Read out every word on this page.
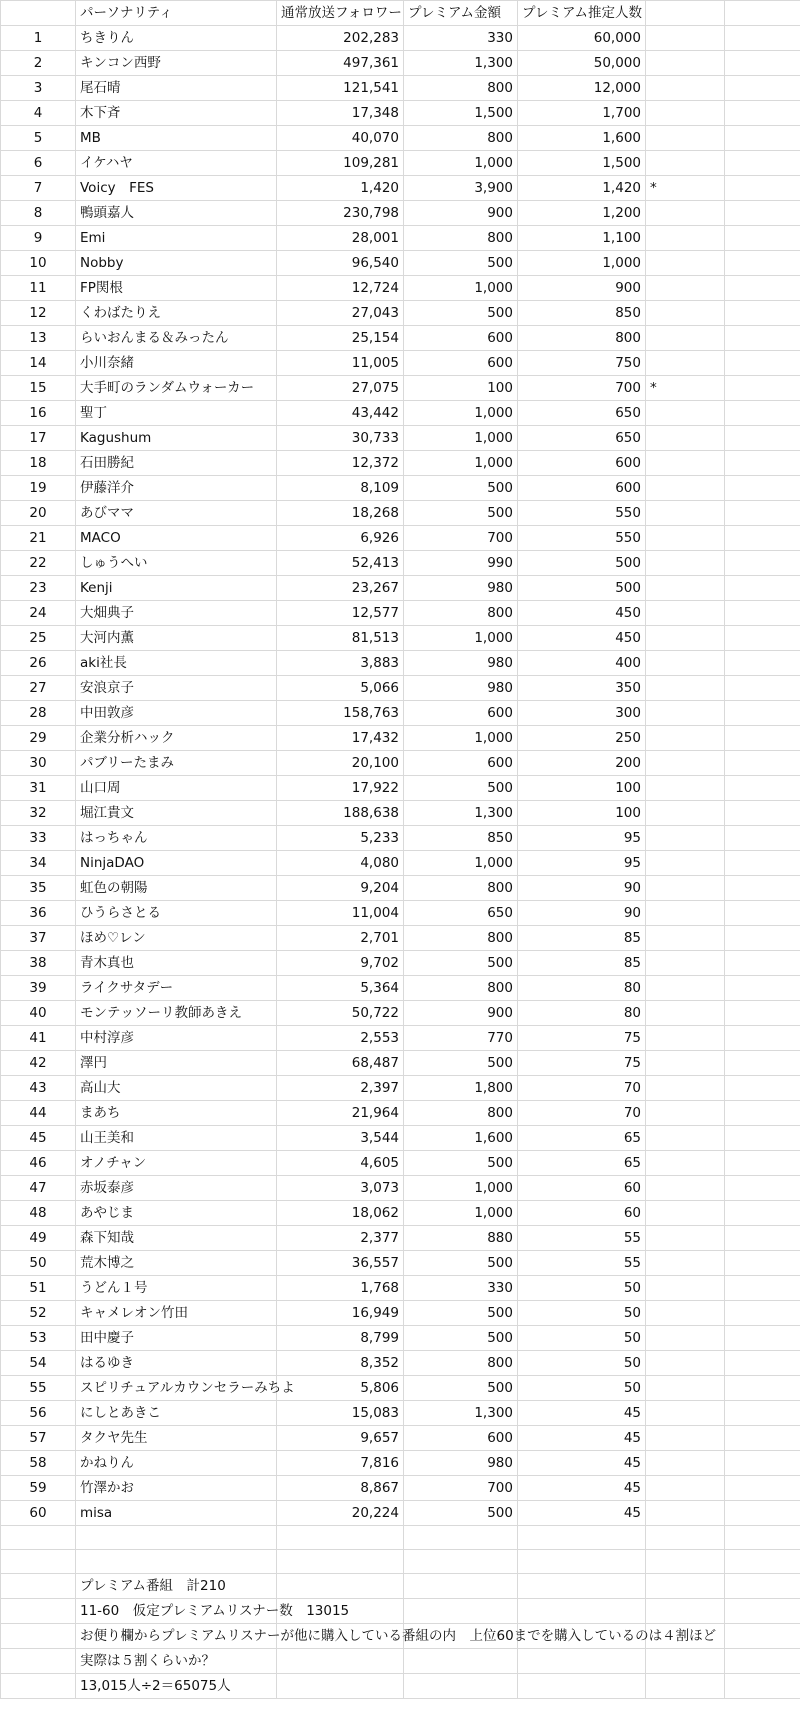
	パーソナリティ	通常放送フォロワー	プレミアム金額	プレミアム推定人数		
1	ちきりん	202,283	330	60,000		
2	キンコン西野	497,361	1,300	50,000		
3	尾石晴	121,541	800	12,000		
4	木下斉	17,348	1,500	1,700		
5	MB	40,070	800	1,600		
6	イケハヤ	109,281	1,000	1,500		
7	Voicy　FES	1,420	3,900	1,420	*	
8	鴨頭嘉人	230,798	900	1,200		
9	Emi	28,001	800	1,100		
10	Nobby	96,540	500	1,000		
11	FP関根	12,724	1,000	900		
12	くわばたりえ	27,043	500	850		
13	らいおんまる＆みったん	25,154	600	800		
14	小川奈緒	11,005	600	750		
15	大手町のランダムウォーカー	27,075	100	700	*	
16	聖丁	43,442	1,000	650		
17	Kagushum	30,733	1,000	650		
18	石田勝紀	12,372	1,000	600		
19	伊藤洋介	8,109	500	600		
20	あびママ	18,268	500	550		
21	MACO	6,926	700	550		
22	しゅうへい	52,413	990	500		
23	Kenji	23,267	980	500		
24	大畑典子	12,577	800	450		
25	大河内薫	81,513	1,000	450		
26	aki社長	3,883	980	400		
27	安浪京子	5,066	980	350		
28	中田敦彦	158,763	600	300		
29	企業分析ハック	17,432	1,000	250		
30	パブリーたまみ	20,100	600	200		
31	山口周	17,922	500	100		
32	堀江貴文	188,638	1,300	100		
33	はっちゃん	5,233	850	95		
34	NinjaDAO	4,080	1,000	95		
35	虹色の朝陽	9,204	800	90		
36	ひうらさとる	11,004	650	90		
37	ほめ♡レン	2,701	800	85		
38	青木真也	9,702	500	85		
39	ライクサタデー	5,364	800	80		
40	モンテッソーリ教師あきえ	50,722	900	80		
41	中村淳彦	2,553	770	75		
42	澤円	68,487	500	75		
43	高山大	2,397	1,800	70		
44	まあち	21,964	800	70		
45	山王美和	3,544	1,600	65		
46	オノチャン	4,605	500	65		
47	赤坂泰彦	3,073	1,000	60		
48	あやじま	18,062	1,000	60		
49	森下知哉	2,377	880	55		
50	荒木博之	36,557	500	55		
51	うどん１号	1,768	330	50		
52	キャメレオン竹田	16,949	500	50		
53	田中慶子	8,799	500	50		
54	はるゆき	8,352	800	50		
55	スピリチュアルカウンセラーみちよ	5,806	500	50		
56	にしとあきこ	15,083	1,300	45		
57	タクヤ先生	9,657	600	45		
58	かねりん	7,816	980	45		
59	竹澤かお	8,867	700	45		
60	misa	20,224	500	45		

	プレミアム番組　計210					
	11-60　仮定プレミアムリスナー数　13015					
	お便り欄からプレミアムリスナーが他に購入している番組の内　上位60までを購入しているのは４割ほど					
	実際は５割くらいか？					
	13,015人÷2＝65075人					
